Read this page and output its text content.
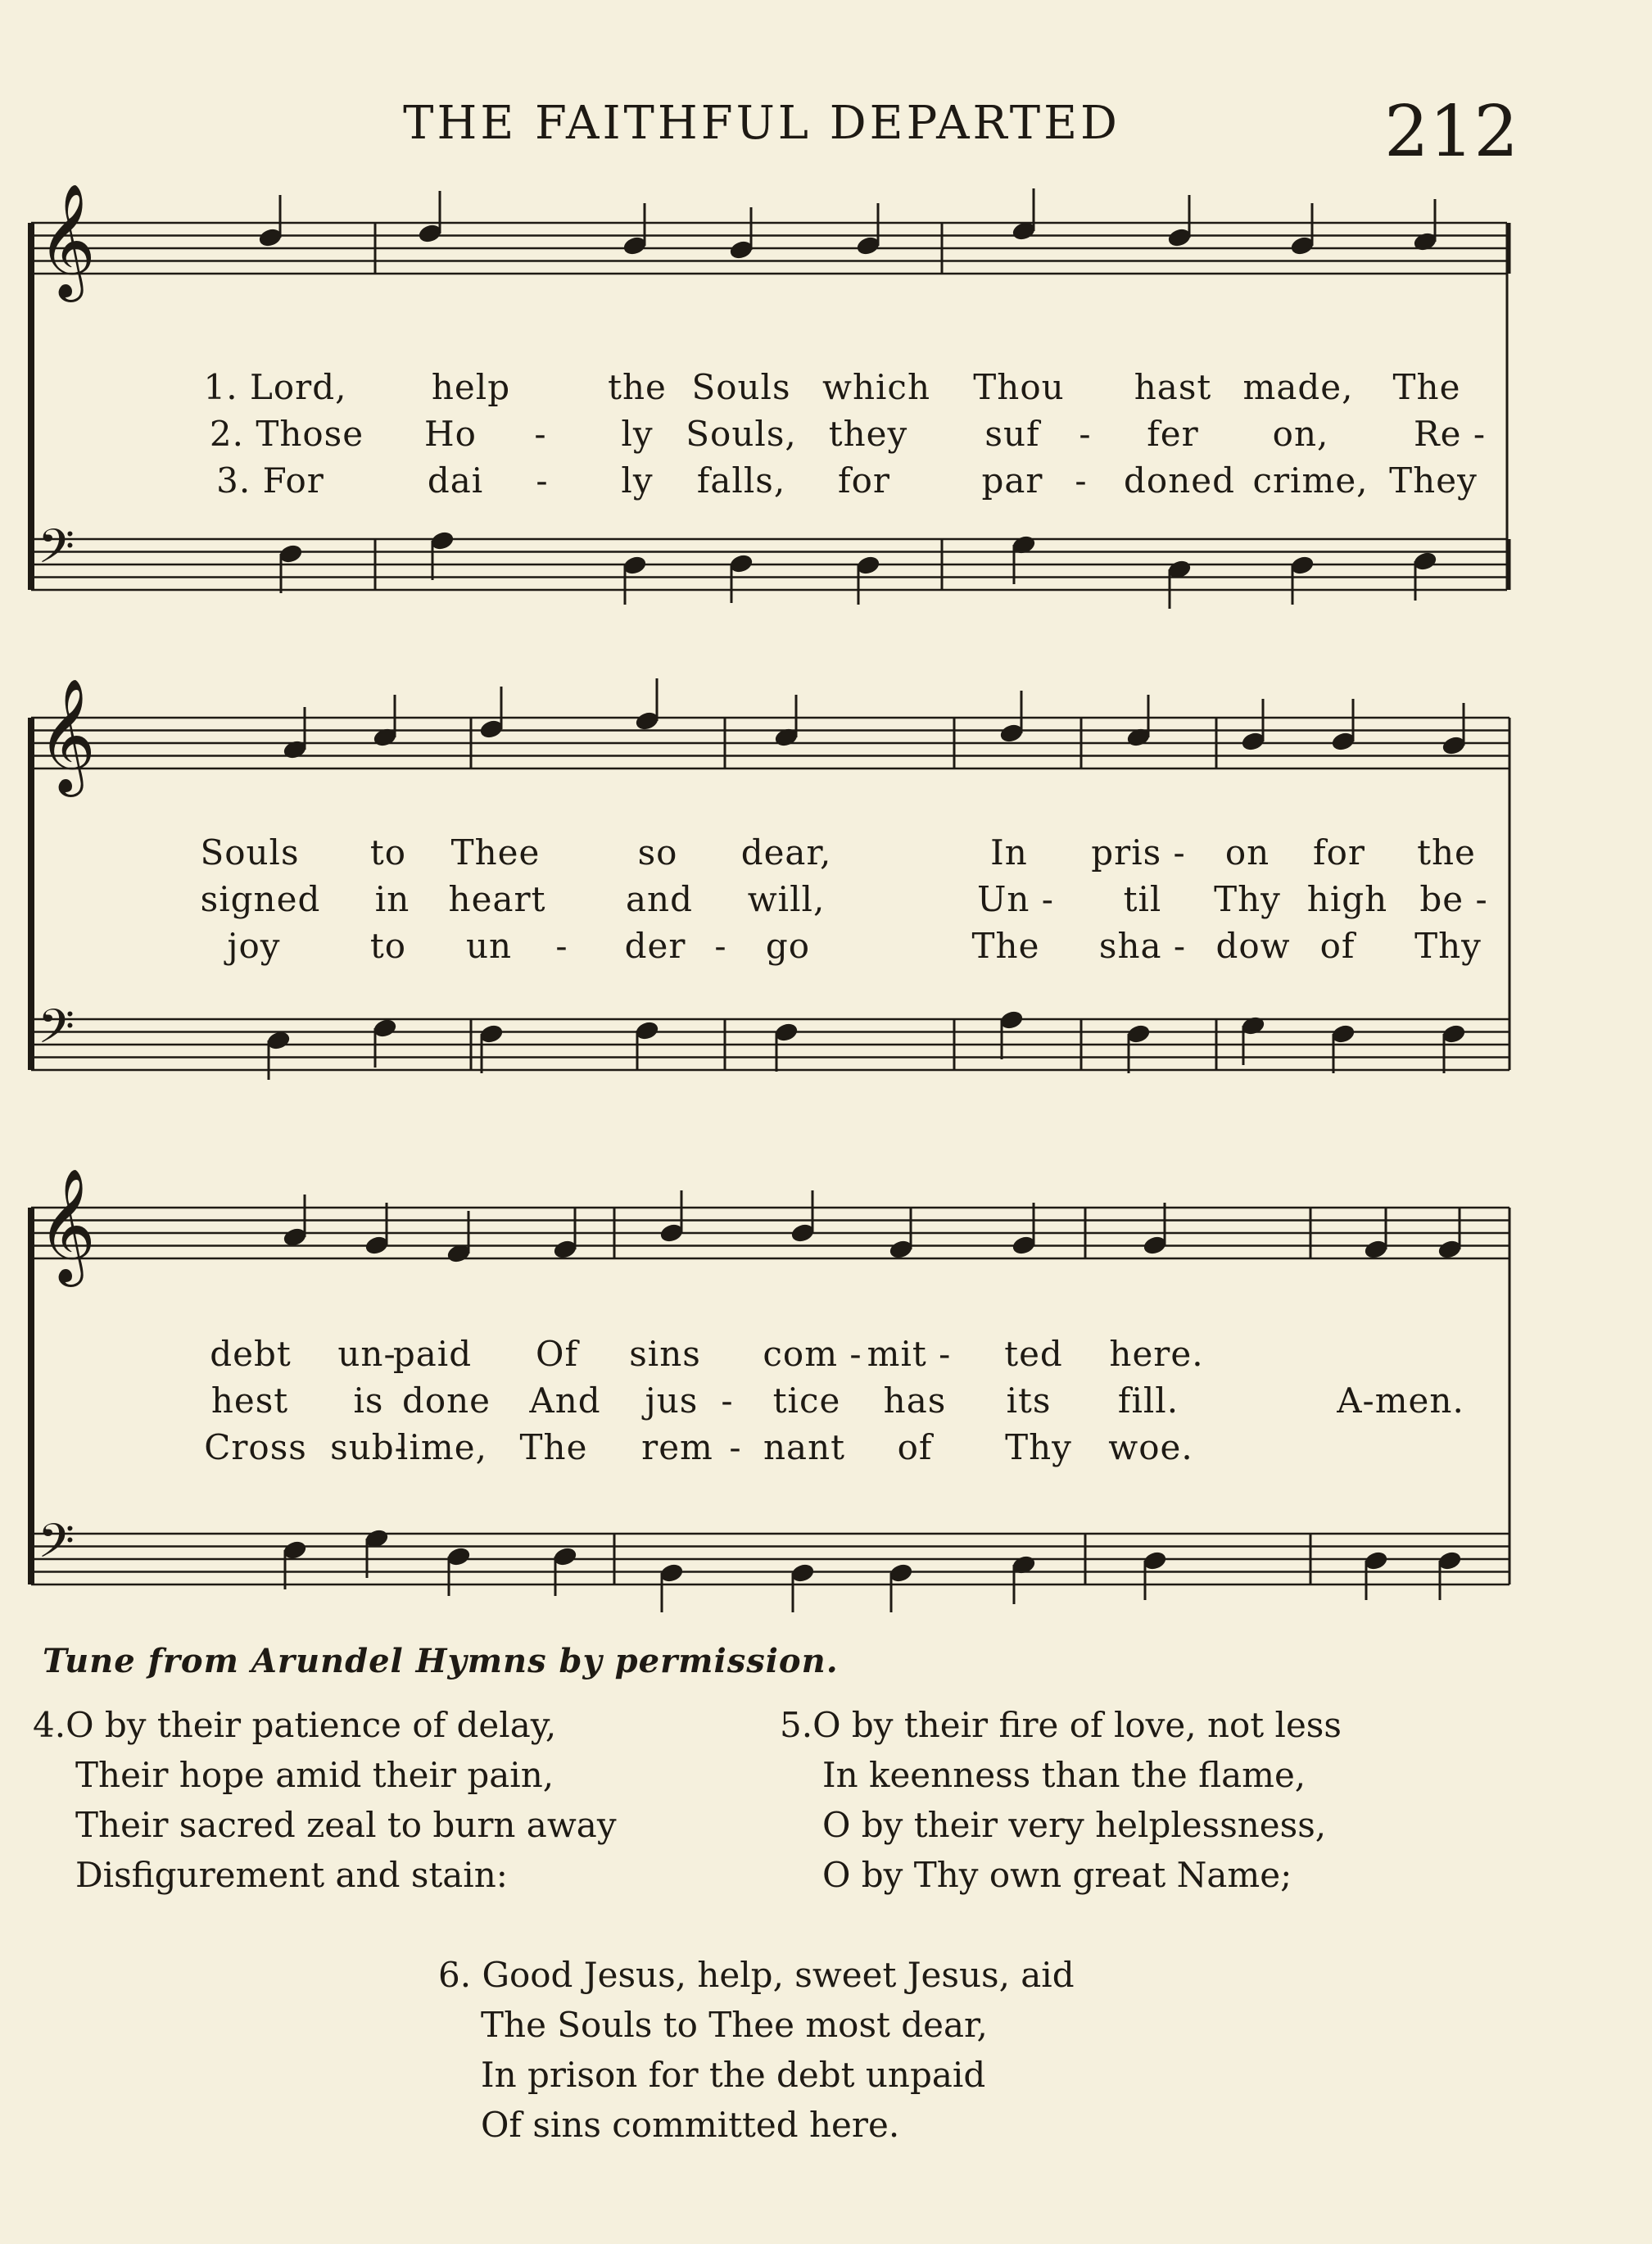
THE FAITHFUL DEPARTED	212
𝄞
𝄢
𝄞
𝄢
𝄞
𝄢
1. Lord, help	the Souls which Thou hast made, The
2. Those Ho - ly Souls, they suf - fer on, Re -
3. For	dai - ly falls, for	par - doned crime, They
Souls to Thee	so dear,	In pris - on for the
signed in heart and will,	Un - til Thy high be -
joy	to un - der - go	The sha - dow of Thy
debt un-
paid Of sins com - mit - ted here.
hest is done And jus - tice has its fill.	A-men.
Cross sub-
lime, The rem - nant of Thy woe.
Tune from Arundel Hymns by permission.
4.O by their patience of delay,
Their hope amid their pain,
Their sacred zeal to burn away
Disfigurement and stain:
5.O by their fire of love, not less
In keenness than the flame,
O by their very helplessness,
O by Thy own great Name;
6. Good Jesus, help, sweet Jesus, aid
The Souls to Thee most dear,
In prison for the debt unpaid
Of sins committed here.
